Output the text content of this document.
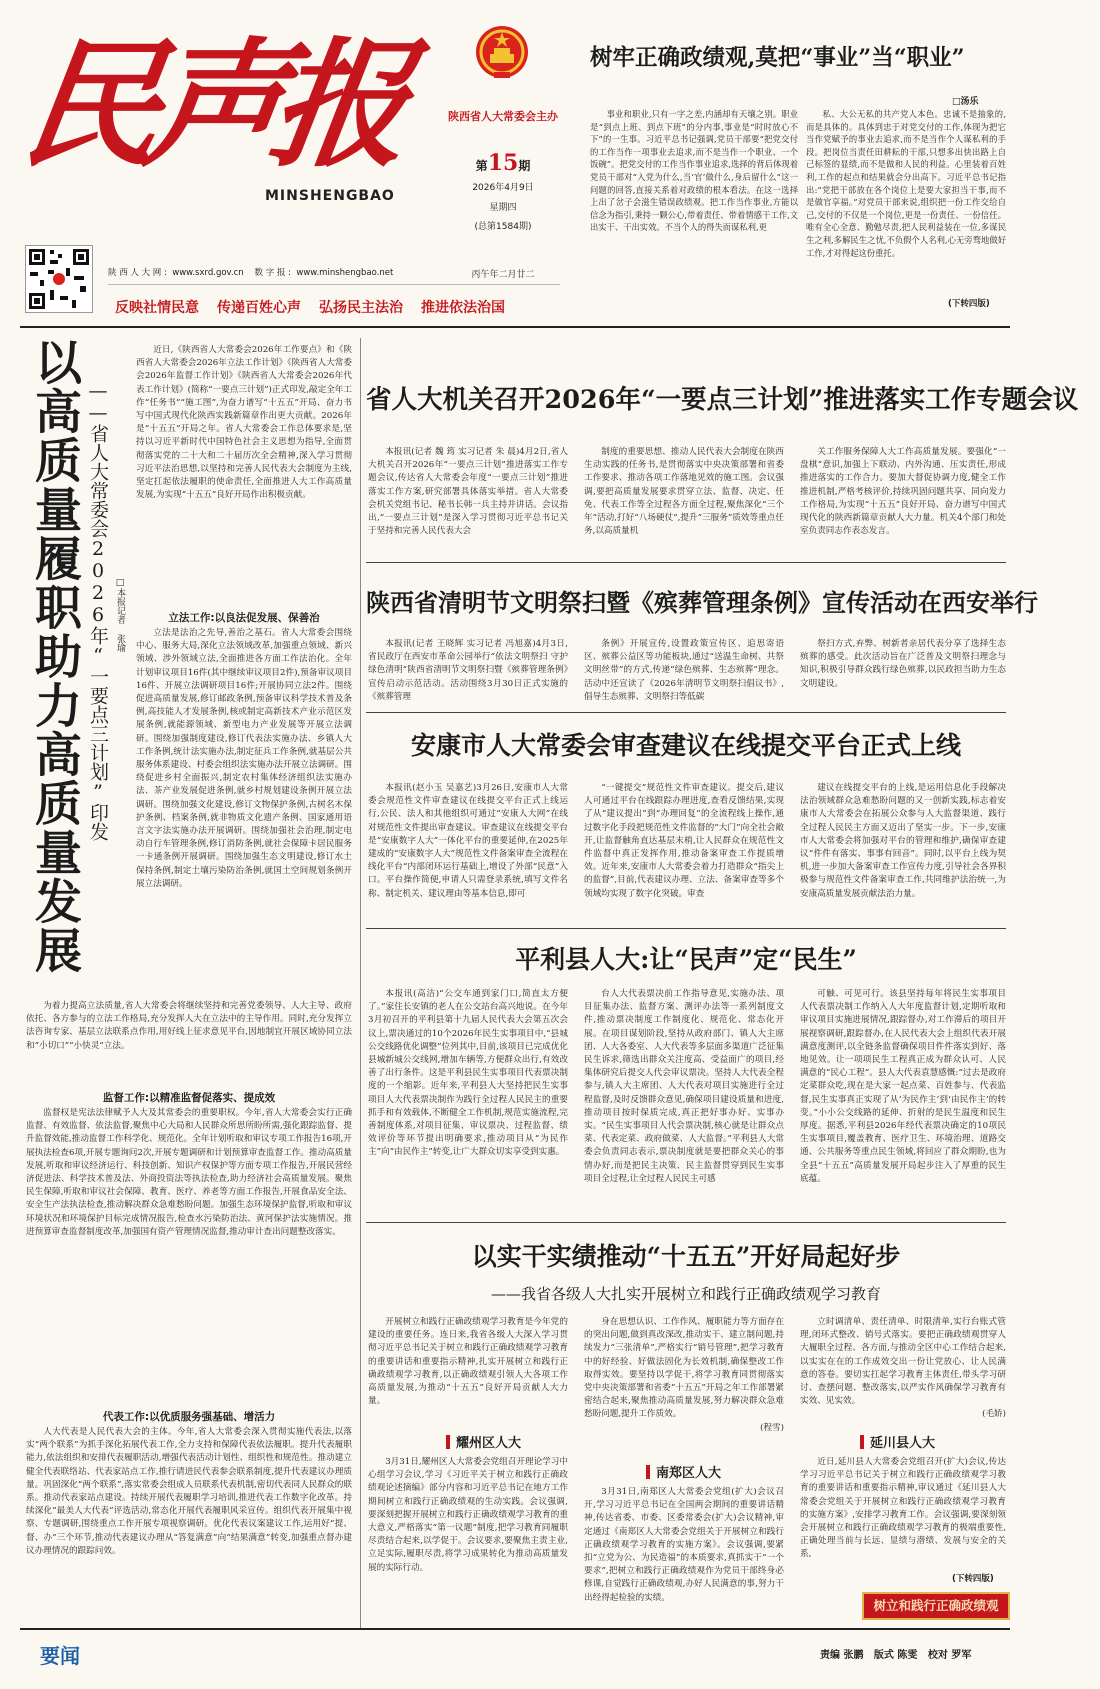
民声报
MINSHENGBAO
陕西省人大常委会主办
第15期
2026年4月9日
星期四
(总第1584期)
丙午年二月廿二
陕 西 人 大 网 : www.sxrd.gov.cn 数 字 报 : www.minshengbao.net
反映社情民意 传递百姓心声 弘扬民主法治 推进依法治国
树牢正确政绩观,莫把“事业”当“职业”
□汤乐

事业和职业,只有一字之差,内涵却有天壤之别。职业是“到点上班、到点下班”的分内事,事业是“时时放心不下”的一生事。习近平总书记强调,党员干部要“把党交付的工作当作一项事业去追求,而不是当作一个职业、一个饭碗”。把党交付的工作当作事业追求,选择的背后体现着党员干部对“入党为什么,当‘官’做什么,身后留什么”这一问题的回答,直接关系着对政绩的根本看法。在这一选择上出了岔子会滋生错误政绩观。把工作当作事业,方能以信念为指引,秉持一颗公心,带着责任、带着情感干工作,文出实干、干出实效。不当个人的得失而谋私利,更

私、大公无私的共产党人本色。忠诚不是抽象的,而是具体的。具体到忠于对党交付的工作,体现为把它当作党赋予的事业去追求,而不是当作个人谋私利的手段。把岗位当责任田耕耘的干部,只想多出快出路上自己标签的显绩,而不是做和人民的利益。心里装着百姓利,工作的起点和结果就会分出高下。习近平总书记指出:“党把干部放在各个岗位上是要大家担当干事,而不是做官享福。”对党员干部来说,组织把一份工作交给自己,交付的不仅是一个岗位,更是一份责任、一份信任。唯有全心全意、勤勉尽责,把人民利益装在一位,多谋民生之利,多解民生之忧,不负假个人名利,心无旁骛地做好工作,才对得起这份重托。

(下转四版)
以高质量履职助力高质量发展 ——省人大常委会2026年“一要点三计划”印发 □本报记者 张瑜

近日,《陕西省人大常委会2026年工作要点》和《陕西省人大常委会2026年立法工作计划》《陕西省人大常委会2026年监督工作计划》《陕西省人大常委会2026年代表工作计划》(简称“一要点三计划”)正式印发,敲定全年工作“任务书”“施工图”,为奋力谱写“十五五”开局、奋力书写中国式现代化陕西实践新篇章作出更大贡献。2026年是“十五五”开局之年。省人大常委会工作总体要求是,坚持以习近平新时代中国特色社会主义思想为指导,全面贯彻落实党的二十大和二十届历次全会精神,深入学习贯彻习近平法治思想,以坚持和完善人民代表大会制度为主线,坚定扛起依法履职的使命责任,全面推进人大工作高质量发展,为实现“十五五”良好开局作出积极贡献。

立法工作:以良法促发展、保善治

立法是法治之先导,善治之基石。省人大常委会围绕中心、服务大局,深化立法领域改革,加强重点领域、新兴领域、涉外领域立法,全面推进各方面工作法治化。全年计划审议项目16件(其中继续审议项目2件),预备审议项目16件、开展立法调研项目16件;开展协同立法2件。围绕促进高质量发展,修订邮政条例,预备审议科学技术普及条例,高技能人才发展条例,核或制定高新技术产业示范区发展条例,就能源领域、新型电力产业发展等开展立法调研。围绕加强制度建设,修订代表法实施办法、乡镇人大工作条例,统计法实施办法,制定征兵工作条例,就基层公共服务体系建设、村委会组织法实施办法开展立法调研。围绕促进乡村全面振兴,制定农村集体经济组织法实施办法、茶产业发展促进条例,就乡村规划建设条例开展立法调研。围绕加强文化建设,修订文物保护条例,古树名木保护条例、档案条例,就非物质文化遗产条例、国家通用语言文字法实施办法开展调研。围绕加强社会治理,制定电动自行车管理条例,修订消防条例,就社会保障卡居民服务一卡通条例开展调研。围绕加强生态文明建设,修订水土保持条例,制定土壤污染防治条例,就国土空间规划条例开展立法调研。

为着力提高立法质量,省人大常委会将继续坚持和完善党委领导、人大主导、政府依托、各方参与的立法工作格局,充分发挥人大在立法中的主导作用。同时,充分发挥立法咨询专家、基层立法联系点作用,用好线上征求意见平台,因地制宜开展区域协同立法和“小切口”“小快灵”立法。

监督工作:以精准监督促落实、提成效

监督权是宪法法律赋予人大及其常委会的重要职权。今年,省人大常委会实行正确监督、有效监督、依法监督,聚焦中心大局和人民群众所思所盼所需,强化跟踪监督、提升监督效能,推动监督工作科学化、规范化。全年计划听取和审议专项工作报告16项,开展执法检查6项,开展专题询问2次,开展专题调研和计划预算审查监督工作。推动高质量发展,听取和审议经济运行、科技创新、知识产权保护等方面专项工作报告,开展民营经济促进法、科学技术普及法、外商投资法等执法检查,助力经济社会高质量发展。聚焦民生保障,听取和审议社会保障、教育、医疗、养老等方面工作报告,开展食品安全法、安全生产法执法检查,推动解决群众急难愁盼问题。加强生态环境保护监督,听取和审议环境状况和环境保护目标完成情况报告,检查水污染防治法、黄河保护法实施情况。推进预算审查监督制度改革,加强国有资产管理情况监督,推动审计查出问题整改落实。

代表工作:以优质服务强基础、增活力

人大代表是人民代表大会的主体。今年,省人大常委会深入贯彻实施代表法,以落实“两个联系”为抓手深化拓展代表工作,全力支持和保障代表依法履职。提升代表履职能力,依法组织和安排代表履职活动,增强代表活动计划性、组织性和规范性。推动建立健全代表联络站、代表家站点工作,推行请进民代表参会联系制度,提升代表建议办理质量。巩固深化“两个联系”,落实常委会组成人员联系代表机制,密切代表同人民群众的联系。推动代表家站点建设。持续开展代表履职学习培训,推进代表工作数字化改革。持续深化“最美人大代表”评选活动,常态化开展代表履职风采宣传。组织代表开展集中视察、专题调研,围绕重点工作开展专项视察调研。优化代表议案建议工作,运用好“提、督、办”三个环节,推动代表建议办理从“答复满意”向“结果满意”转变,加强重点督办建议办理情况的跟踪问效。

省人大机关召开2026年“一要点三计划”推进落实工作专题会议

本报讯(记者 魏 筠 实习记者 朱 晨)4月2日,省人大机关召开2026年“一要点三计划”推进落实工作专题会议,传达省人大常委会年度“一要点三计划”推进落实工作方案,研究部署具体落实举措。省人大常委会机关党组书记、秘书长韩一兵主持并讲话。会议指出,“一要点三计划”是深入学习贯彻习近平总书记关于坚持和完善人民代表大会

制度的重要思想、推动人民代表大会制度在陕西生动实践的任务书,是贯彻落实中央决策部署和省委工作要求、推动各项工作落地见效的施工图。会议强调,要把高质量发展要求贯穿立法、监督、决定、任免、代表工作等全过程各方面全过程,聚焦深化“三个年”活动,打好“八场硬仗”,提升“三服务”质效等重点任务,以高质量机

关工作服务保障人大工作高质量发展。要强化“一盘棋”意识,加强上下联动、内外沟通、压实责任,形成推进落实的工作合力。要加大督促协调力度,健全工作推进机制,严格考核评价,持续巩固问题共享、同向发力工作格局,为实现“十五五”良好开局、奋力谱写中国式现代化的陕西新篇章贡献人大力量。机关4个部门和处室负责同志作表态发言。

陕西省清明节文明祭扫暨《殡葬管理条例》宣传活动在西安举行

本报讯(记者 王晓辉 实习记者 冯旭嘉)4月3日,省民政厅在西安市革命公园举行“依法文明祭扫 守护绿色清明”陕西省清明节文明祭扫暨《殡葬管理条例》宣传启动示范活动。活动围绕3月30日正式实施的《殡葬管理

条例》开展宣传,设置政策宣传区、追思寄语区、殡葬公益区等功能板块,通过“送温生命树、共祭文明丝带”的方式,传递“绿色殡葬、生态殡葬”理念。活动中还宣读了《2026年清明节文明祭扫倡议书》,倡导生态殡葬、文明祭扫等低碳

祭扫方式,弃弊、树新者亲居代表分享了选择生态殡葬的感受。此次活动旨在广泛普及文明祭扫理念与知识,积极引导群众践行绿色殡葬,以民政担当助力生态文明建设。

安康市人大常委会审查建议在线提交平台正式上线

本报讯(赵小玉 吴嘉艺)3月26日,安康市人大常委会规范性文件审查建议在线提交平台正式上线运行,公民、法人和其他组织可通过“安康人大网”在线对规范性文件提出审查建议。审查建议在线提交平台是“安康数字人大”一体化平台的重要延伸,在2025年建成的“安康数字人大”规范性文件备案审查全流程在线化平台“内部闭环运行基础上,增设了外部“民意”入口。平台操作简便,申请人只需登录系统,填写文件名称、制定机关、建议理由等基本信息,即可

“一键提交”规范性文件审查建议。提交后,建议人可通过平台在线跟踪办理进度,查看反馈结果,实现了从“建议提出”到“办理回复”的全流程线上操作,通过数字化手段把规范性文件监督的“大门”向全社会敞开,让监督触角直达基层末梢,让人民群众在规范性文件监督中真正发挥作用,推动备案审查工作提质增效。近年来,安康市人大常委会着力打造群众“指尖上的监督”,目前,代表建议办理、立法、备案审查等多个领域均实现了数字化突破。审查

建议在线提交平台的上线,是运用信息化手段解决法治领域群众急难愁盼问题的又一创新实践,标志着安康市人大常委会在拓展公众参与人大监督渠道、践行全过程人民民主方面又迈出了坚实一步。下一步,安康市人大常委会将加强对平台的管理和维护,确保审查建议“件件有落实、事事有回音”。同时,以平台上线为契机,进一步加大备案审查工作宣传力度,引导社会各界积极参与规范性文件备案审查工作,共同维护法治统一,为安康高质量发展贡献法治力量。

平利县人大:让“民声”定“民生”

本报讯(高洁)“公交车通到家门口,简直太方便了。”家住长安镇的老人在公交站台高兴地说。在今年3月初召开的平利县第十九届人民代表大会第五次会议上,票决通过的10个2026年民生实事项目中,“县城公交线路优化调整”位列其中,目前,该项目已完成优化县城新城公交线网,增加车辆等,方便群众出行,有效改善了出行条件。这是平利县民生实事项目代表票决制度的一个缩影。近年来,平利县人大坚持把民生实事项目人大代表票决制作为践行全过程人民民主的重要抓手和有效载体,不断健全工作机制,规范实施流程,完善制度体系,对项目征集、审议票决、过程监督、绩效评价等环节提出明确要求,推动项目从“为民作主”向“由民作主”转变,让广大群众切实享受到实惠。

台人大代表票决前工作指导意见,实施办法、项目征集办法、监督方案、测评办法等一系列制度文件,推动票决制度工作制度化、规范化、常态化开展。在项目谋划阶段,坚持从政府部门、镇人大主席团、人大各委室、人大代表等多层面多渠道广泛征集民生诉求,筛选出群众关注度高、受益面广的项目,经集体研究后提交人代会审议票决。坚持人大代表全程参与,镇人大主席团、人大代表对项目实施进行全过程监督,及时反馈群众意见,确保项目建设质量和进度,推动项目按时保质完成,真正把好事办好、实事办实。“民生实事项目人代会票决制,核心就是让群众点菜、代表定菜、政府做菜、人大监督。”平利县人大常委会负责同志表示,票决制度就是要把群众关心的事情办好,而是把民主决策、民主监督贯穿到民生实事项目全过程,让全过程人民民主可感

可触、可见可行。该县坚持每年将民生实事项目人代表票决制工作纳入人大年度监督计划,定期听取和审议项目实施进展情况,跟踪督办,对工作滞后的项目开展视察调研,跟踪督办,在人民代表大会上组织代表开展满意度测评,以全链条监督确保项目件件落实到好、落地见效。让一项项民生工程真正成为群众认可、人民满意的“民心工程”。县人大代表袁慧感慨:“过去是政府定菜群众吃,现在是大家一起点菜、百姓参与、代表监督,民生实事真正实现了从‘为民作主’到‘由民作主’的转变。”小小公交线路的延伸、折射的是民生温度和民生厚度。据悉,平利县2026年经代表票决确定的10项民生实事项目,覆盖教育、医疗卫生、环境治理、道路交通、公共服务等重点民生领域,将回应了群众期盼,也为全县“十五五”高质量发展开局起步注入了厚重的民生底蕴。

以实干实绩推动“十五五”开好局起好步
——我省各级人大扎实开展树立和践行正确政绩观学习教育

开展树立和践行正确政绩观学习教育是今年党的建设的重要任务。连日来,我省各级人大深入学习贯彻习近平总书记关于树立和践行正确政绩观学习教育的重要讲话和重要指示精神,扎实开展树立和践行正确政绩观学习教育,以正确政绩观引领人大各项工作高质量发展,为推动“十五五”良好开局贡献人大力量。

耀州区人大

3月31日,耀州区人大常委会党组召开理论学习中心组学习会议,学习《习近平关于树立和践行正确政绩观论述摘编》部分内容和习近平总书记在地方工作期间树立和践行正确政绩观的生动实践。会议强调,要深刻把握开展树立和践行正确政绩观学习教育的重大意义,严格落实“第一议题”制度,把学习教育同履职尽责结合起来,以学促干。会议要求,要聚焦主责主业,立足实际,履职尽责,将学习成果转化为推动高质量发展的实际行动。

身在思想认识、工作作风、履职能力等方面存在的突出问题,做到真改深改,推动实干、建立制问题,持续发力“三张清单”,严格实行“销号管理”,把学习教育中的好经验、好做法固化为长效机制,确保整改工作取得实效。要坚持以学促干,将学习教育同贯彻落实党中央决策部署和省委“十五五”开局之年工作部署紧密结合起来,聚焦推动高质量发展,努力解决群众急难愁盼问题,提升工作质效。

(程雪)
南郑区人大

3月31日,南郑区人大常委会党组(扩大)会议召开,学习习近平总书记在全国两会期间的重要讲话精神,传达省委、市委、区委常委会(扩大)会议精神,审定通过《南郑区人大常委会党组关于开展树立和践行正确政绩观学习教育的实施方案》。会议强调,要紧扣“立党为公、为民造福”的本质要求,真抓实干“一个要求”,把树立和践行正确政绩观作为党员干部终身必修课,自觉践行正确政绩观,办好人民满意的事,努力干出经得起检验的实绩。

立时调清单、责任清单、时限清单,实行台账式管理,闭环式整改、销号式落实。要把正确政绩观贯穿人大履职全过程、各方面,与推动全区中心工作结合起来,以实实在在的工作成效交出一份让党放心、让人民满意的答卷。要切实扛起学习教育主体责任,带头学习研讨、查摆问题、整改落实,以严实作风确保学习教育有实效、见实效。

(毛娇)
延川县人大

近日,延川县人大常委会党组召开(扩大)会议,传达学习习近平总书记关于树立和践行正确政绩观学习教育的重要讲话和重要指示精神,审议通过《延川县人大常委会党组关于开展树立和践行正确政绩观学习教育的实施方案》,安排学习教育工作。会议强调,要深刻领会开展树立和践行正确政绩观学习教育的极端重要性,正确处理当前与长远、显绩与潜绩、发展与安全的关系,

(下转四版)
树立和践行正确政绩观
要闻	责编 张鹏   版式 陈雯   校对 罗军
